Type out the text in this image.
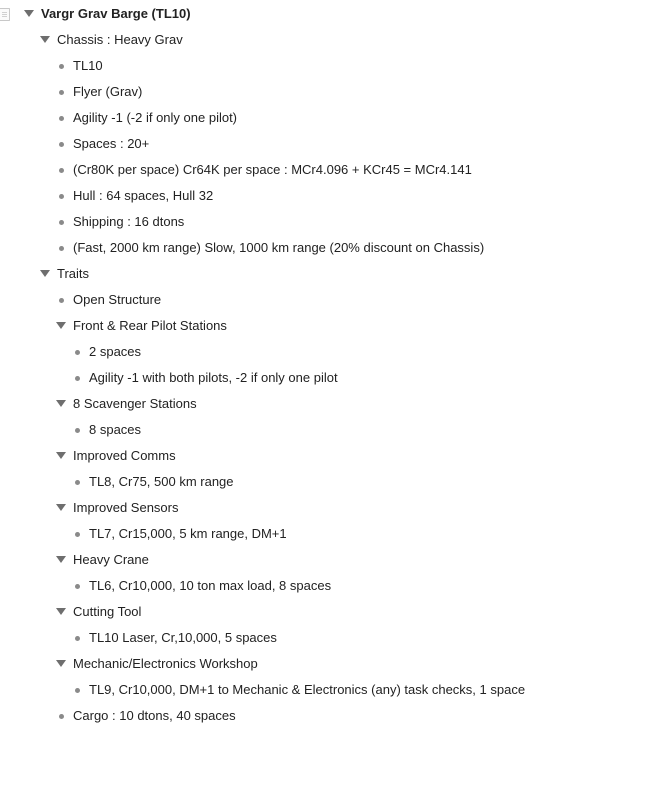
Vargr Grav Barge (TL10)
Chassis : Heavy Grav
TL10
Flyer (Grav)
Agility -1 (-2 if only one pilot)
Spaces : 20+
(Cr80K per space) Cr64K per space : MCr4.096 + KCr45 = MCr4.141
Hull : 64 spaces, Hull 32
Shipping : 16 dtons
(Fast, 2000 km range) Slow, 1000 km range (20% discount on Chassis)
Traits
Open Structure
Front & Rear Pilot Stations
2 spaces
Agility -1 with both pilots, -2 if only one pilot
8 Scavenger Stations
8 spaces
Improved Comms
TL8, Cr75, 500 km range
Improved Sensors
TL7, Cr15,000, 5 km range, DM+1
Heavy Crane
TL6, Cr10,000, 10 ton max load, 8 spaces
Cutting Tool
TL10 Laser, Cr,10,000, 5 spaces
Mechanic/Electronics Workshop
TL9, Cr10,000, DM+1 to Mechanic & Electronics (any) task checks, 1 space
Cargo : 10 dtons, 40 spaces
